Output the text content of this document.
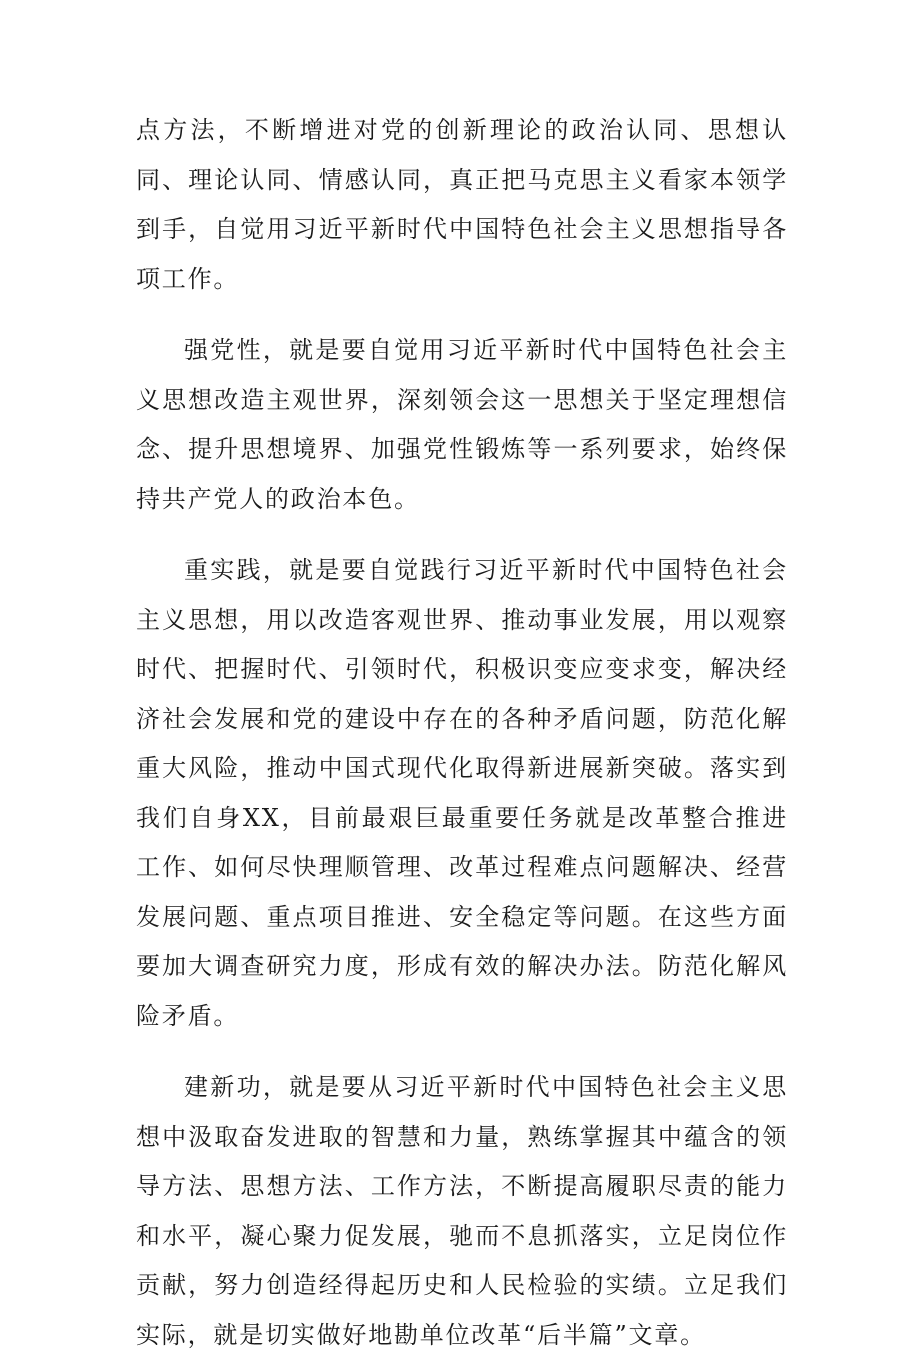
点方法，不断增进对党的创新理论的政治认同、思想认同、理论认同、情感认同，真正把马克思主义看家本领学到手，自觉用习近平新时代中国特色社会主义思想指导各项工作。

强党性，就是要自觉用习近平新时代中国特色社会主义思想改造主观世界，深刻领会这一思想关于坚定理想信念、提升思想境界、加强党性锻炼等一系列要求，始终保持共产党人的政治本色。

重实践，就是要自觉践行习近平新时代中国特色社会主义思想，用以改造客观世界、推动事业发展，用以观察时代、把握时代、引领时代，积极识变应变求变，解决经济社会发展和党的建设中存在的各种矛盾问题，防范化解重大风险，推动中国式现代化取得新进展新突破。落实到我们自身XX，目前最艰巨最重要任务就是改革整合推进工作、如何尽快理顺管理、改革过程难点问题解决、经营发展问题、重点项目推进、安全稳定等问题。在这些方面要加大调查研究力度，形成有效的解决办法。防范化解风险矛盾。

建新功，就是要从习近平新时代中国特色社会主义思想中汲取奋发进取的智慧和力量，熟练掌握其中蕴含的领导方法、思想方法、工作方法，不断提高履职尽责的能力和水平，凝心聚力促发展，驰而不息抓落实，立足岗位作贡献，努力创造经得起历史和人民检验的实绩。立足我们实际，就是切实做好地勘单位改革“后半篇”文章。
